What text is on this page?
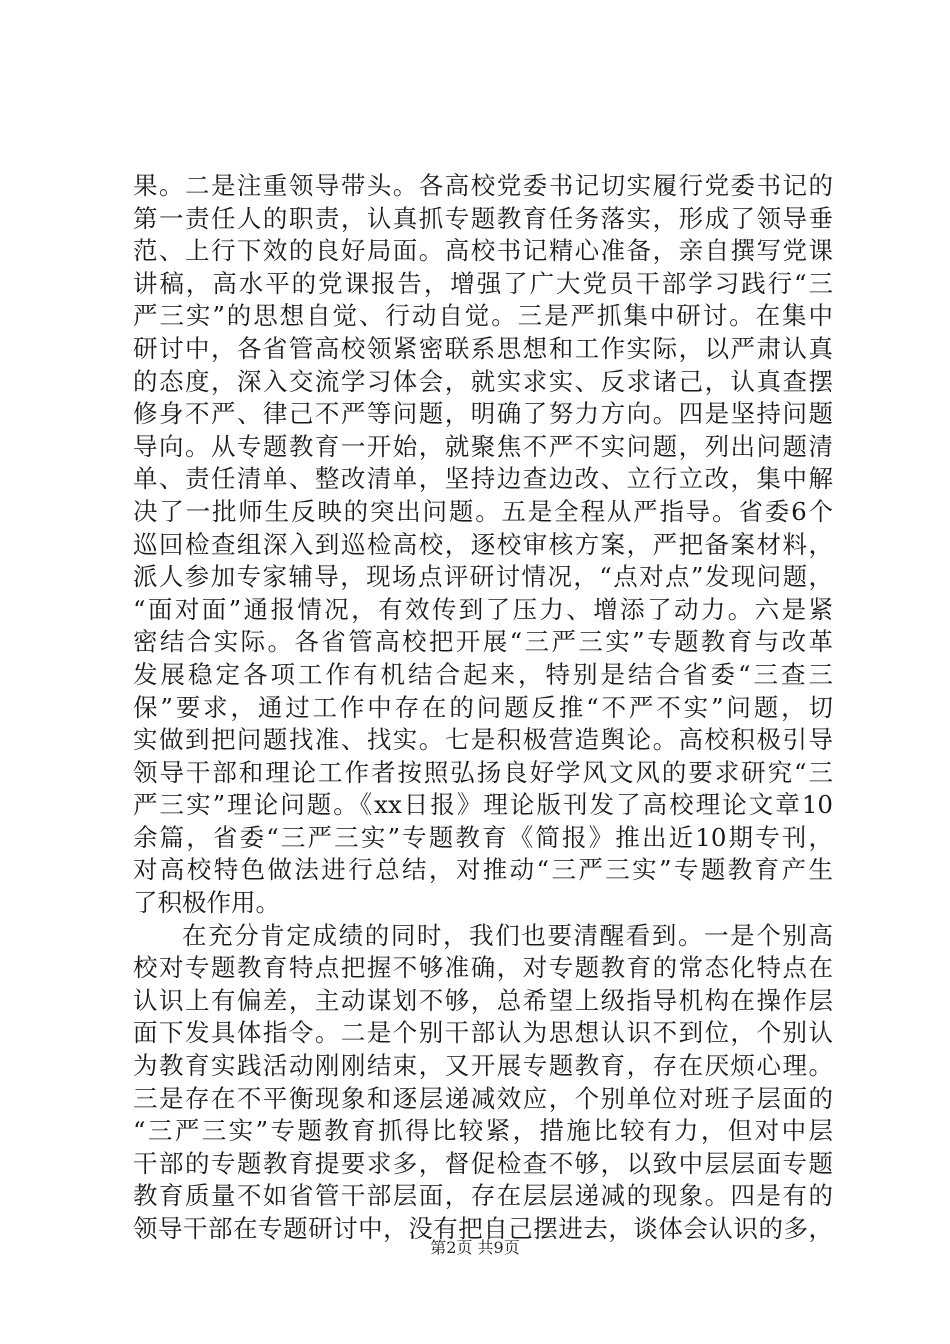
果。二是注重领导带头。各高校党委书记切实履行党委书记的
第一责任人的职责，认真抓专题教育任务落实，形成了领导垂
范、上行下效的良好局面。高校书记精心准备，亲自撰写党课
讲稿，高水平的党课报告，增强了广大党员干部学习践行“三
严三实”的思想自觉、行动自觉。三是严抓集中研讨。在集中
研讨中，各省管高校领紧密联系思想和工作实际，以严肃认真
的态度，深入交流学习体会，就实求实、反求诸己，认真查摆
修身不严、律己不严等问题，明确了努力方向。四是坚持问题
导向。从专题教育一开始，就聚焦不严不实问题，列出问题清
单、责任清单、整改清单，坚持边查边改、立行立改，集中解
决了一批师生反映的突出问题。五是全程从严指导。省委6个
巡回检查组深入到巡检高校，逐校审核方案，严把备案材料，
派人参加专家辅导，现场点评研讨情况，“点对点”发现问题，
“面对面”通报情况，有效传到了压力、增添了动力。六是紧
密结合实际。各省管高校把开展“三严三实”专题教育与改革
发展稳定各项工作有机结合起来，特别是结合省委“三查三
保”要求，通过工作中存在的问题反推“不严不实”问题，切
实做到把问题找准、找实。七是积极营造舆论。高校积极引导
领导干部和理论工作者按照弘扬良好学风文风的要求研究“三
严三实”理论问题。《xx日报》理论版刊发了高校理论文章10
余篇，省委“三严三实”专题教育《简报》推出近10期专刊，
对高校特色做法进行总结，对推动“三严三实”专题教育产生
了积极作用。
在充分肯定成绩的同时，我们也要清醒看到。一是个别高
校对专题教育特点把握不够准确，对专题教育的常态化特点在
认识上有偏差，主动谋划不够，总希望上级指导机构在操作层
面下发具体指令。二是个别干部认为思想认识不到位，个别认
为教育实践活动刚刚结束，又开展专题教育，存在厌烦心理。
三是存在不平衡现象和逐层递减效应，个别单位对班子层面的
“三严三实”专题教育抓得比较紧，措施比较有力，但对中层
干部的专题教育提要求多，督促检查不够，以致中层层面专题
教育质量不如省管干部层面，存在层层递减的现象。四是有的
领导干部在专题研讨中，没有把自己摆进去，谈体会认识的多，
第2页 共9页
